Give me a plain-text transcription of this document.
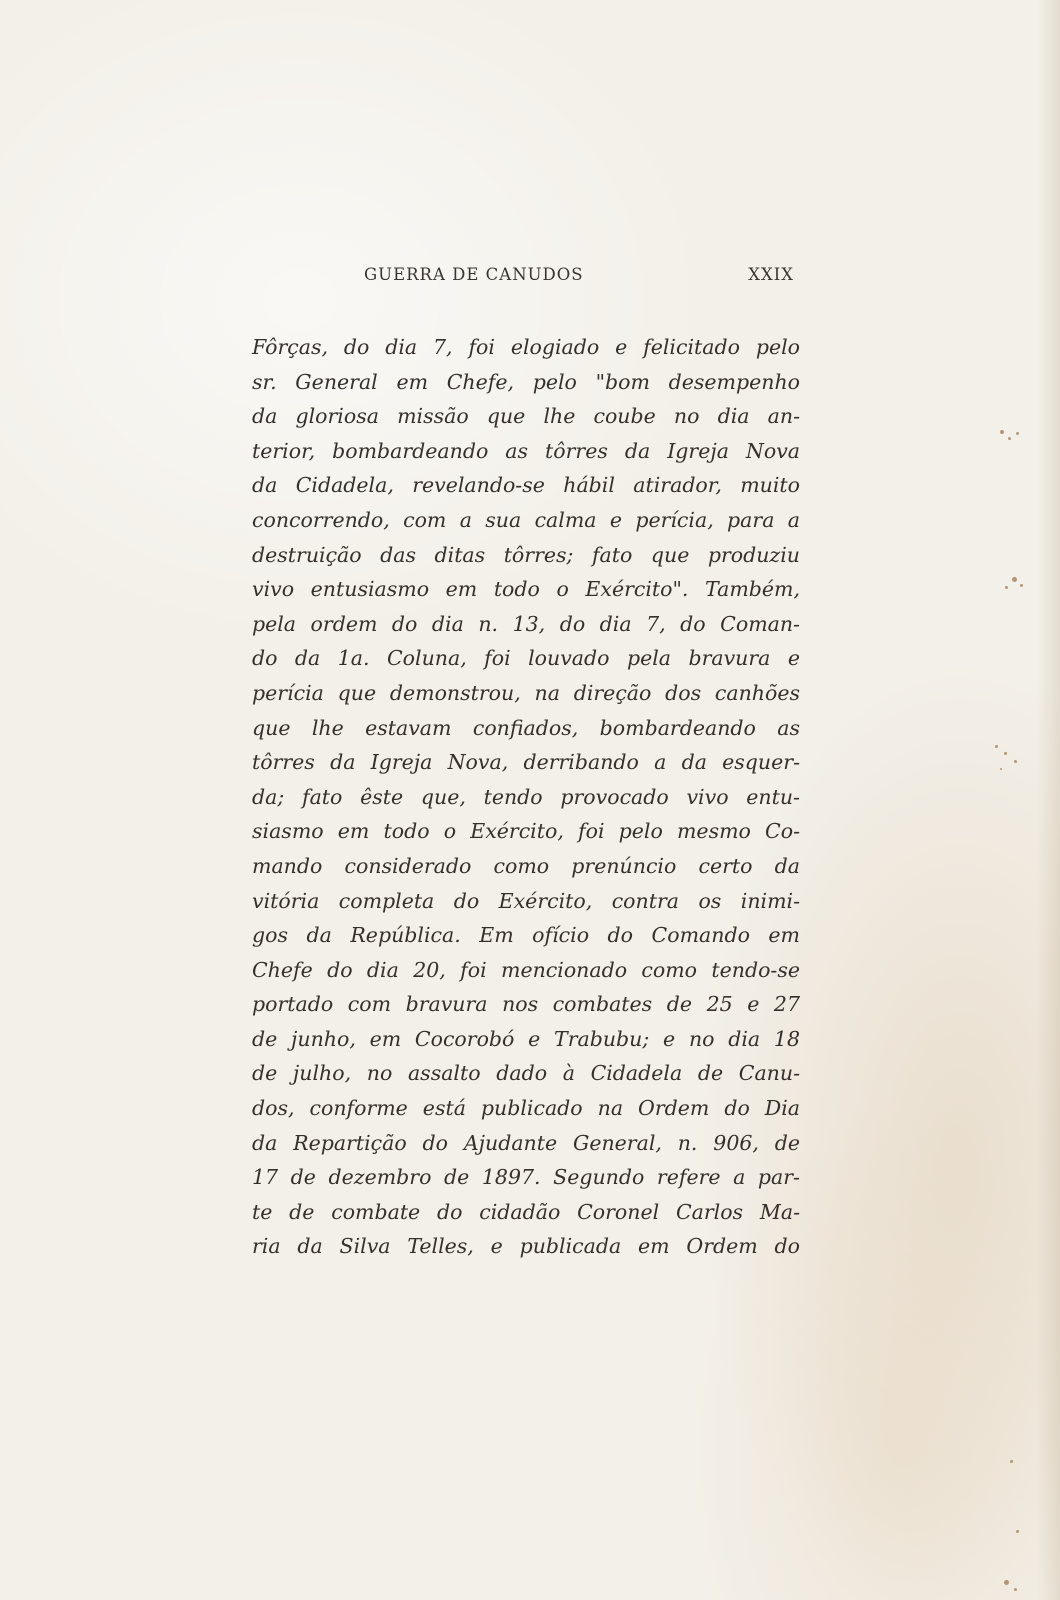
GUERRA DE CANUDOS	XXIX
Fôrças, do dia 7, foi elogiado e felicitado pelo
sr. General em Chefe, pelo "bom desempenho
da gloriosa missão que lhe coube no dia an-
terior, bombardeando as tôrres da Igreja Nova
da Cidadela, revelando-se hábil atirador, muito
concorrendo, com a sua calma e perícia, para a
destruição das ditas tôrres; fato que produziu
vivo entusiasmo em todo o Exército". Também,
pela ordem do dia n. 13, do dia 7, do Coman-
do da 1a. Coluna, foi louvado pela bravura e
perícia que demonstrou, na direção dos canhões
que lhe estavam confiados, bombardeando as
tôrres da Igreja Nova, derribando a da esquer-
da; fato êste que, tendo provocado vivo entu-
siasmo em todo o Exército, foi pelo mesmo Co-
mando considerado como prenúncio certo da
vitória completa do Exército, contra os inimi-
gos da República. Em ofício do Comando em
Chefe do dia 20, foi mencionado como tendo-se
portado com bravura nos combates de 25 e 27
de junho, em Cocorobó e Trabubu; e no dia 18
de julho, no assalto dado à Cidadela de Canu-
dos, conforme está publicado na Ordem do Dia
da Repartição do Ajudante General, n. 906, de
17 de dezembro de 1897. Segundo refere a par-
te de combate do cidadão Coronel Carlos Ma-
ria da Silva Telles, e publicada em Ordem do
